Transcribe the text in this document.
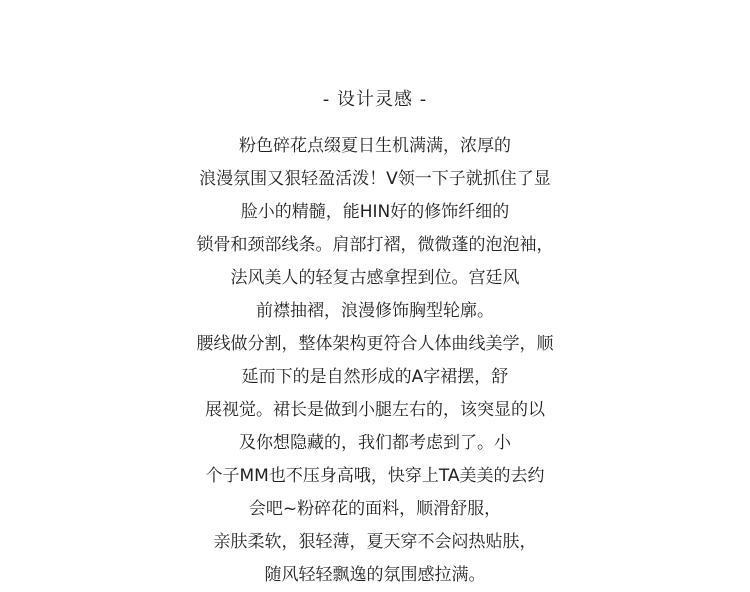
- 设计灵感 -
粉色碎花点缀夏日生机满满，浓厚的
浪漫氛围又狠轻盈活泼！V领一下子就抓住了显
脸小的精髓，能HIN好的修饰纤细的
锁骨和颈部线条。肩部打褶，微微蓬的泡泡袖，
法风美人的轻复古感拿捏到位。宫廷风
前襟抽褶，浪漫修饰胸型轮廓。
腰线做分割，整体架构更符合人体曲线美学，顺
延而下的是自然形成的A字裙摆，舒
展视觉。裙长是做到小腿左右的，该突显的以
及你想隐藏的，我们都考虑到了。小
个子MM也不压身高哦，快穿上TA美美的去约
会吧~粉碎花的面料，顺滑舒服，
亲肤柔软，狠轻薄，夏天穿不会闷热贴肤，
随风轻轻飘逸的氛围感拉满。
